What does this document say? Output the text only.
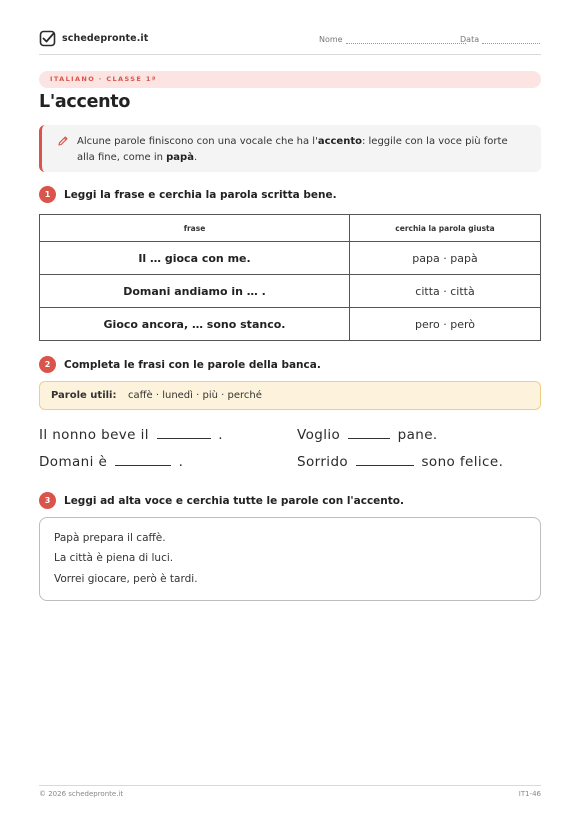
schedepronte.it	Nome	Data
ITALIANO · CLASSE 1ª
L'accento
Alcune parole finiscono con una vocale che ha l'accento: leggile con la voce più forte alla fine, come in papà.
1	Leggi la frase e cerchia la parola scritta bene.
frase	cerchia la parola giusta
Il … gioca con me.	papa · papà
Domani andiamo in … .	citta · città
Gioco ancora, … sono stanco.	pero · però
2	Completa le frasi con le parole della banca.
Parole utili: caffè · lunedì · più · perché
Il nonno beve il	.	Voglio	pane.
Domani è	.	Sorrido	sono felice.
3	Leggi ad alta voce e cerchia tutte le parole con l'accento.

Papà prepara il caffè.

La città è piena di luci.

Vorrei giocare, però è tardi.

© 2026 schedepronte.it	IT1-46
